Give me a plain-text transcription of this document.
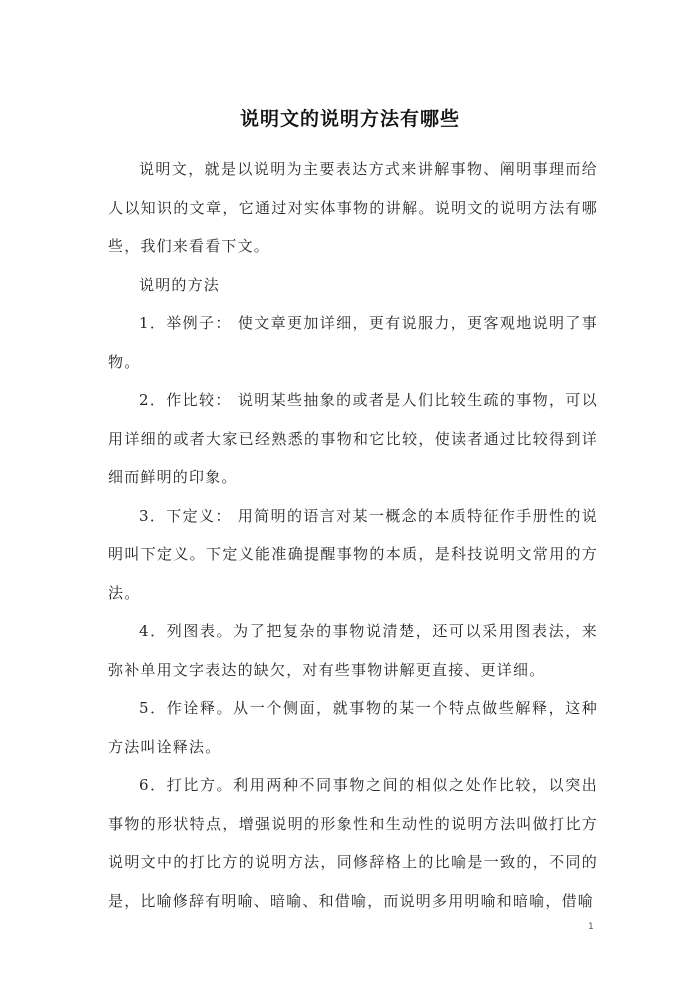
说明文的说明方法有哪些

说明文，就是以说明为主要表达方式来讲解事物、阐明事理而给人以知识的文章，它通过对实体事物的讲解。说明文的说明方法有哪些，我们来看看下文。

说明的方法

1．举例子： 使文章更加详细，更有说服力，更客观地说明了事物。

2．作比较： 说明某些抽象的或者是人们比较生疏的事物，可以用详细的或者大家已经熟悉的事物和它比较，使读者通过比较得到详细而鲜明的印象。

3．下定义： 用简明的语言对某一概念的本质特征作手册性的说明叫下定义。下定义能准确提醒事物的本质，是科技说明文常用的方法。

4．列图表。为了把复杂的事物说清楚，还可以采用图表法，来弥补单用文字表达的缺欠，对有些事物讲解更直接、更详细。

5．作诠释。从一个侧面，就事物的某一个特点做些解释，这种方法叫诠释法。

6．打比方。利用两种不同事物之间的相似之处作比较，以突出事物的形状特点，增强说明的形象性和生动性的说明方法叫做打比方说明文中的打比方的说明方法，同修辞格上的比喻是一致的，不同的是，比喻修辞有明喻、暗喻、和借喻，而说明多用明喻和暗喻，借喻

1
